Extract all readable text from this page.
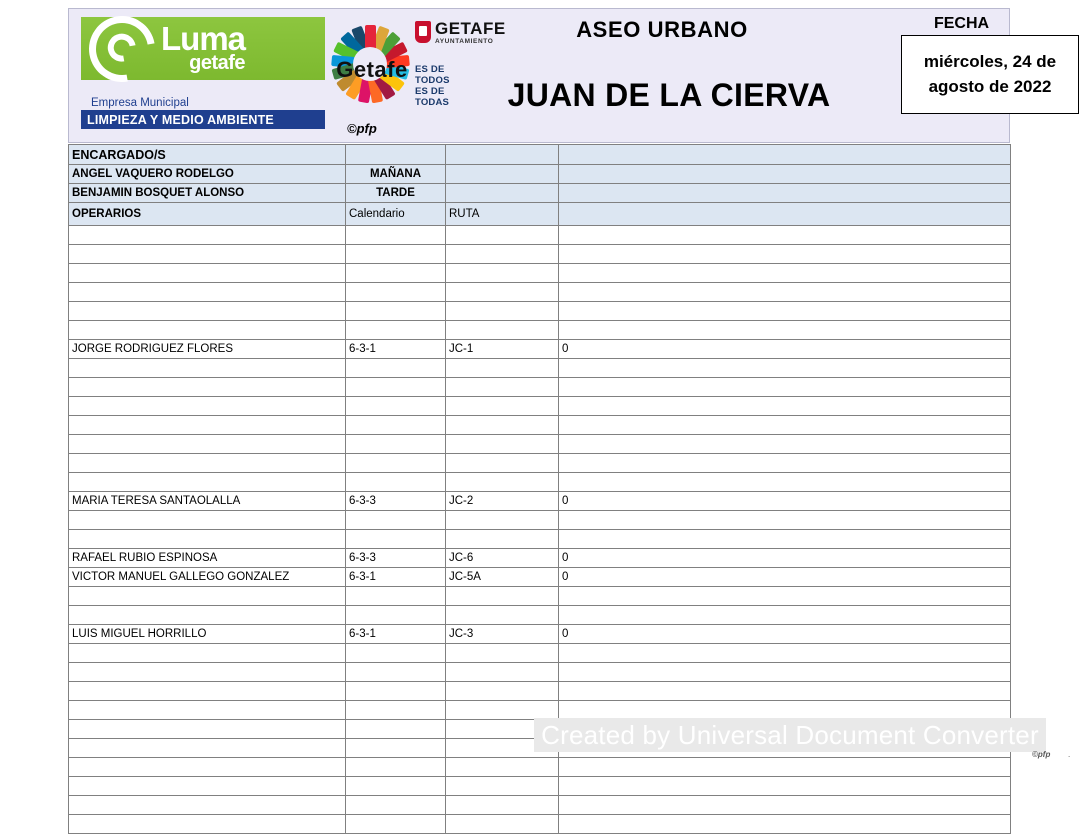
Luma
getafe
Empresa Municipal
LIMPIEZA Y MEDIO AMBIENTE
GETAFE
AYUNTAMIENTO
Getafe ES DE TODOS
ES DE TODAS
ASEO URBANO
JUAN DE LA CIERVA
©pfp
FECHA
miércoles, 24 de agosto de 2022
ENCARGADO/S			
ANGEL VAQUERO RODELGO	MAÑANA		
BENJAMIN BOSQUET ALONSO	TARDE		
OPERARIOS	Calendario	RUTA	

JORGE RODRIGUEZ FLORES	6-3-1	JC-1	0

MARIA TERESA SANTAOLALLA	6-3-3	JC-2	0

RAFAEL RUBIO ESPINOSA	6-3-3	JC-6	0
VICTOR MANUEL GALLEGO GONZALEZ	6-3-1	JC-5A	0

LUIS MIGUEL HORRILLO	6-3-1	JC-3	0

Created by Universal Document Converter
©pfp .
